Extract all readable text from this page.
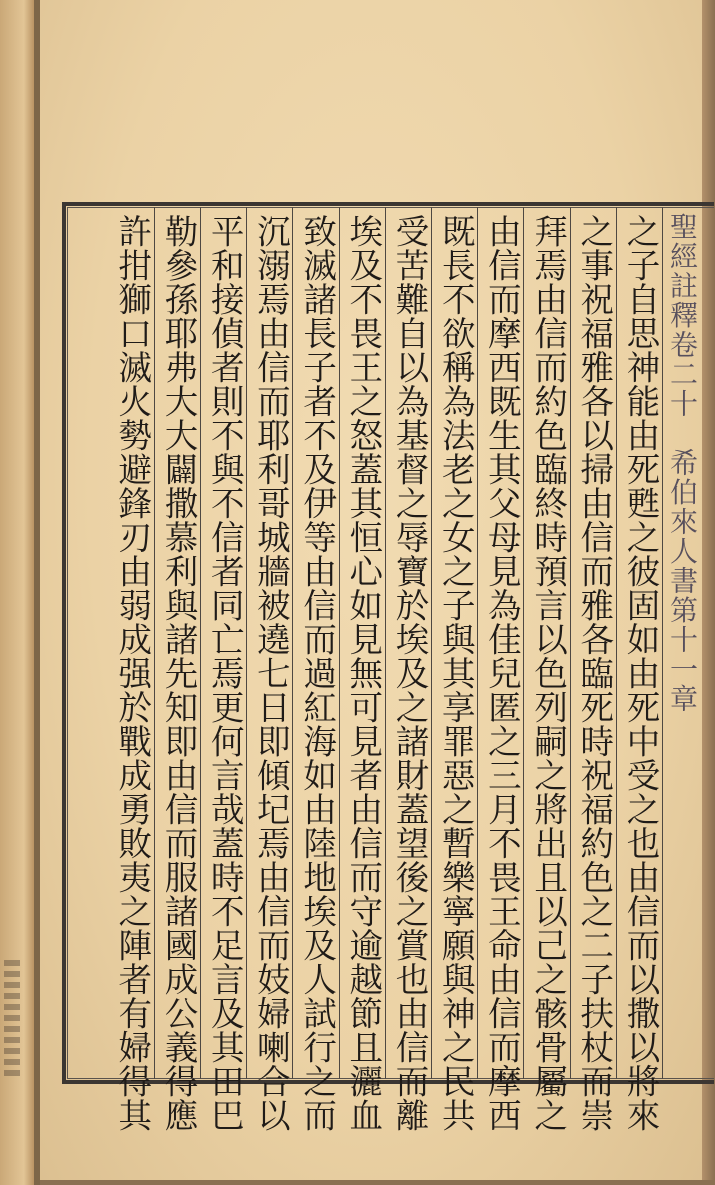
聖經註釋卷二十　希伯來人書第十一章
之子自思神能由死甦之彼固如由死中受之也由信而以撒以將來
之事祝福雅各以掃由信而雅各臨死時祝福約色之二子扶杖而崇
拜焉由信而約色臨終時預言以色列嗣之將出且以己之骸骨屬之
由信而摩西既生其父母見為佳兒匿之三月不畏王命由信而摩西
既長不欲稱為法老之女之子與其享罪惡之暫樂寧願與神之民共
受苦難自以為基督之辱寶於埃及之諸財蓋望後之賞也由信而離
埃及不畏王之怒蓋其恒心如見無可見者由信而守逾越節且灑血
致滅諸長子者不及伊等由信而過紅海如由陸地埃及人試行之而
沉溺焉由信而耶利哥城牆被遶七日即傾圮焉由信而妓婦喇合以
平和接偵者則不與不信者同亡焉更何言哉蓋時不足言及其田巴
勒參孫耶弗大大闢撒慕利與諸先知即由信而服諸國成公義得應
許拑獅口滅火勢避鋒刃由弱成强於戰成勇敗夷之陣者有婦得其
